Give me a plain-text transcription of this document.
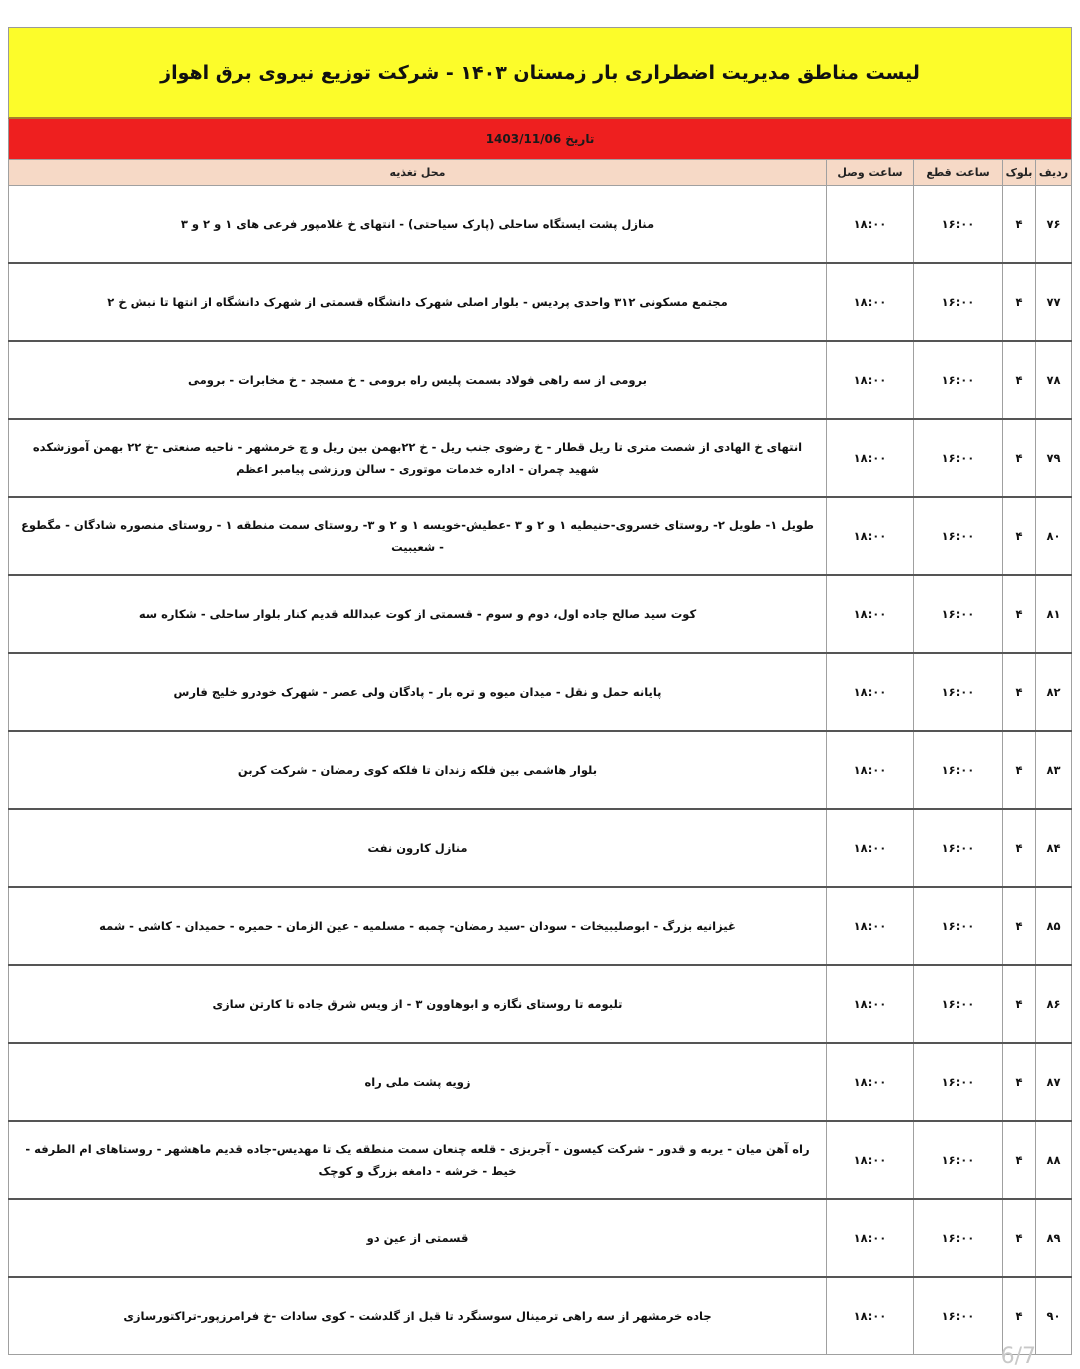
لیست مناطق مدیریت اضطراری بار زمستان ۱۴۰۳ - شرکت توزیع نیروی برق اهواز
تاریخ
1403/11/06
ردیف	بلوک	ساعت قطع	ساعت وصل	محل تغذیه
۷۶	۴	۱۶:۰۰	۱۸:۰۰	منازل پشت ایستگاه ساحلی (پارک سیاحتی) - انتهای خ غلامپور فرعی های ۱ و ۲ و ۳
۷۷	۴	۱۶:۰۰	۱۸:۰۰	مجتمع مسکونی ۳۱۲ واحدی پردیس - بلوار اصلی شهرک دانشگاه قسمتی از شهرک دانشگاه از انتها تا نبش خ ۲
۷۸	۴	۱۶:۰۰	۱۸:۰۰	برومی از سه راهی فولاد بسمت پلیس راه برومی - خ مسجد - خ مخابرات - برومی
۷۹	۴	۱۶:۰۰	۱۸:۰۰	انتهای خ الهادی از شصت متری تا ریل قطار - خ رضوی جنب ریل - خ ۲۲بهمن بین ریل و چ خرمشهر - ناحیه صنعتی -خ ۲۲ بهمن آموزشکده شهید چمران - اداره خدمات موتوری - سالن ورزشی پیامبر اعظم
۸۰	۴	۱۶:۰۰	۱۸:۰۰	طویل ۱- طویل ۲- روستای خسروی-حنیطیه ۱ و ۲ و ۳ -عطیش-خویسه ۱ و ۲ و ۳- روستای سمت منطقه ۱ - روستای منصوره شادگان - مگطوع - شعیبیت
۸۱	۴	۱۶:۰۰	۱۸:۰۰	کوت سید صالح جاده اول، دوم و سوم - قسمتی از کوت عبدالله قدیم کنار بلوار ساحلی - شکاره سه
۸۲	۴	۱۶:۰۰	۱۸:۰۰	پایانه حمل و نقل - میدان میوه و تره بار - پادگان ولی عصر - شهرک خودرو خلیج فارس
۸۳	۴	۱۶:۰۰	۱۸:۰۰	بلوار هاشمی بین فلکه زندان تا فلکه کوی رمضان - شرکت کربن
۸۴	۴	۱۶:۰۰	۱۸:۰۰	منازل کارون نفت
۸۵	۴	۱۶:۰۰	۱۸:۰۰	غیزانیه بزرگ - ابوصلیبیخات - سودان -سید رمضان- چمبه - مسلمیه - عین الزمان - حمیره - حمیدان - کاشی - شمه
۸۶	۴	۱۶:۰۰	۱۸:۰۰	تلبومه تا روستای نگازه و ابوهاوون ۳ - از ویس شرق جاده تا کارتن سازی
۸۷	۴	۱۶:۰۰	۱۸:۰۰	زویه پشت ملی راه
۸۸	۴	۱۶:۰۰	۱۸:۰۰	راه آهن میان - یربه و قدور - شرکت کیسون - آجربزی - قلعه چنعان سمت منطقه یک تا مهدیس-جاده قدیم ماهشهر - روستاهای ام الطرفه - خیط - خرشه - دامغه بزرگ و کوچک
۸۹	۴	۱۶:۰۰	۱۸:۰۰	قسمتی از عین دو
۹۰	۴	۱۶:۰۰	۱۸:۰۰	جاده خرمشهر از سه راهی ترمینال سوسنگرد تا قبل از گلدشت - کوی سادات -خ فرامرزپور-تراکتورسازی
6/7
